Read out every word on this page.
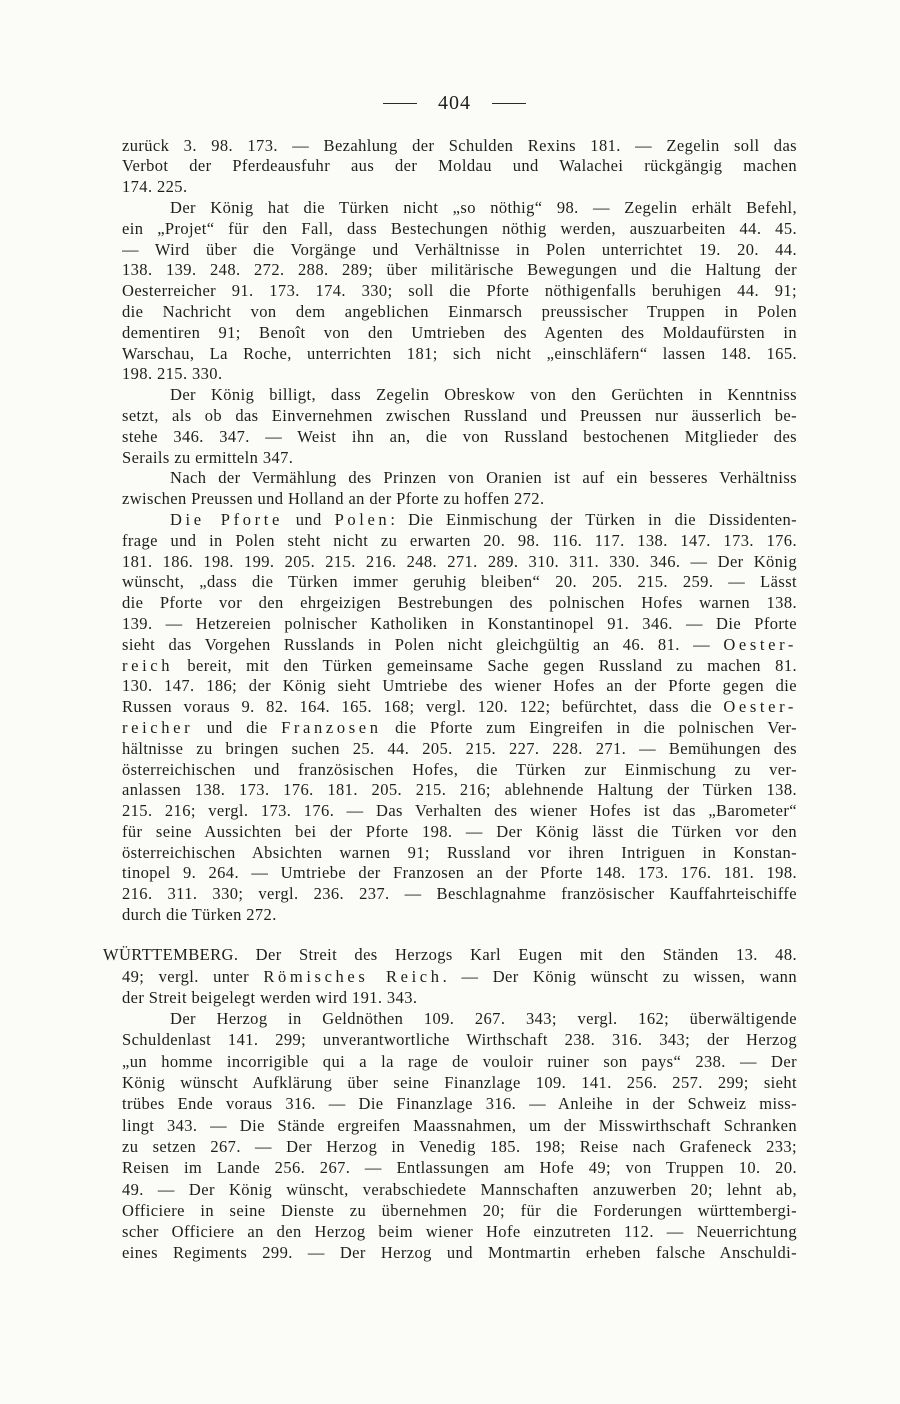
404
zurück 3. 98. 173. — Bezahlung der Schulden Rexins 181. — Zegelin soll das
Verbot der Pferdeausfuhr aus der Moldau und Walachei rückgängig machen
174. 225.
Der König hat die Türken nicht „so nöthig“ 98. — Zegelin erhält Befehl,
ein „Projet“ für den Fall, dass Bestechungen nöthig werden, auszuarbeiten 44. 45.
— Wird über die Vorgänge und Verhältnisse in Polen unterrichtet 19. 20. 44.
138. 139. 248. 272. 288. 289; über militärische Bewegungen und die Haltung der
Oesterreicher 91. 173. 174. 330; soll die Pforte nöthigenfalls beruhigen 44. 91;
die Nachricht von dem angeblichen Einmarsch preussischer Truppen in Polen
dementiren 91; Benoît von den Umtrieben des Agenten des Moldaufürsten in
Warschau, La Roche, unterrichten 181; sich nicht „einschläfern“ lassen 148. 165.
198. 215. 330.
Der König billigt, dass Zegelin Obreskow von den Gerüchten in Kenntniss
setzt, als ob das Einvernehmen zwischen Russland und Preussen nur äusserlich be-
stehe 346. 347. — Weist ihn an, die von Russland bestochenen Mitglieder des
Serails zu ermitteln 347.
Nach der Vermählung des Prinzen von Oranien ist auf ein besseres Verhältniss
zwischen Preussen und Holland an der Pforte zu hoffen 272.
Die Pforte und Polen: Die Einmischung der Türken in die Dissidenten-
frage und in Polen steht nicht zu erwarten 20. 98. 116. 117. 138. 147. 173. 176.
181. 186. 198. 199. 205. 215. 216. 248. 271. 289. 310. 311. 330. 346. — Der König
wünscht, „dass die Türken immer geruhig bleiben“ 20. 205. 215. 259. — Lässt
die Pforte vor den ehrgeizigen Bestrebungen des polnischen Hofes warnen 138.
139. — Hetzereien polnischer Katholiken in Konstantinopel 91. 346. — Die Pforte
sieht das Vorgehen Russlands in Polen nicht gleichgültig an 46. 81. — Oester-
reich bereit, mit den Türken gemeinsame Sache gegen Russland zu machen 81.
130. 147. 186; der König sieht Umtriebe des wiener Hofes an der Pforte gegen die
Russen voraus 9. 82. 164. 165. 168; vergl. 120. 122; befürchtet, dass die Oester-
reicher und die Franzosen die Pforte zum Eingreifen in die polnischen Ver-
hältnisse zu bringen suchen 25. 44. 205. 215. 227. 228. 271. — Bemühungen des
österreichischen und französischen Hofes, die Türken zur Einmischung zu ver-
anlassen 138. 173. 176. 181. 205. 215. 216; ablehnende Haltung der Türken 138.
215. 216; vergl. 173. 176. — Das Verhalten des wiener Hofes ist das „Barometer“
für seine Aussichten bei der Pforte 198. — Der König lässt die Türken vor den
österreichischen Absichten warnen 91; Russland vor ihren Intriguen in Konstan-
tinopel 9. 264. — Umtriebe der Franzosen an der Pforte 148. 173. 176. 181. 198.
216. 311. 330; vergl. 236. 237. — Beschlagnahme französischer Kauffahrteischiffe
durch die Türken 272.
WÜRTTEMBERG. Der Streit des Herzogs Karl Eugen mit den Ständen 13. 48.
49; vergl. unter Römisches Reich. — Der König wünscht zu wissen, wann
der Streit beigelegt werden wird 191. 343.
Der Herzog in Geldnöthen 109. 267. 343; vergl. 162; überwältigende
Schuldenlast 141. 299; unverantwortliche Wirthschaft 238. 316. 343; der Herzog
„un homme incorrigible qui a la rage de vouloir ruiner son pays“ 238. — Der
König wünscht Aufklärung über seine Finanzlage 109. 141. 256. 257. 299; sieht
trübes Ende voraus 316. — Die Finanzlage 316. — Anleihe in der Schweiz miss-
lingt 343. — Die Stände ergreifen Maassnahmen, um der Misswirthschaft Schranken
zu setzen 267. — Der Herzog in Venedig 185. 198; Reise nach Grafeneck 233;
Reisen im Lande 256. 267. — Entlassungen am Hofe 49; von Truppen 10. 20.
49. — Der König wünscht, verabschiedete Mannschaften anzuwerben 20; lehnt ab,
Officiere in seine Dienste zu übernehmen 20; für die Forderungen württembergi-
scher Officiere an den Herzog beim wiener Hofe einzutreten 112. — Neuerrichtung
eines Regiments 299. — Der Herzog und Montmartin erheben falsche Anschuldi-
